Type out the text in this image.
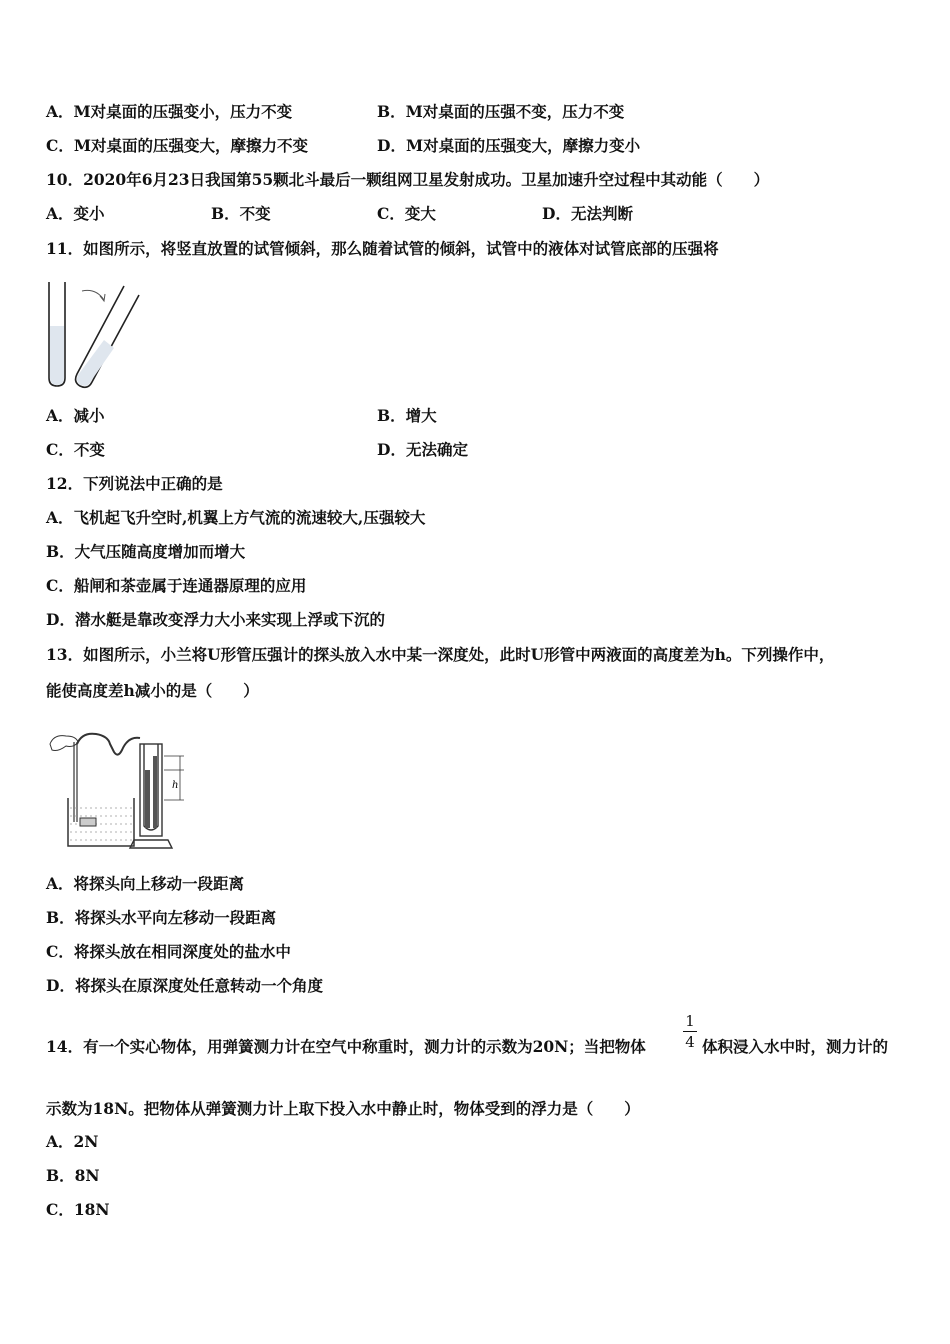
A．M对桌面的压强变小，压力不变	B．M对桌面的压强不变，压力不变
C．M对桌面的压强变大，摩擦力不变	D．M对桌面的压强变大，摩擦力变小
10．2020年6月23日我国第55颗北斗最后一颗组网卫星发射成功。卫星加速升空过程中其动能（　　）
A．变小	B．不变	C．变大	D．无法判断
11．如图所示，将竖直放置的试管倾斜，那么随着试管的倾斜，试管中的液体对试管底部的压强将
A．减小	B．增大
C．不变	D．无法确定
12．下列说法中正确的是
A．飞机起飞升空时,机翼上方气流的流速较大,压强较大
B．大气压随高度增加而增大
C．船闸和茶壶属于连通器原理的应用
D．潜水艇是靠改变浮力大小来实现上浮或下沉的
13．如图所示，小兰将U形管压强计的探头放入水中某一深度处，此时U形管中两液面的高度差为h。下列操作中，
能使高度差h减小的是（　　）
h
A．将探头向上移动一段距离
B．将探头水平向左移动一段距离
C．将探头放在相同深度处的盐水中
D．将探头在原深度处任意转动一个角度
14．有一个实心物体，用弹簧测力计在空气中称重时，测力计的示数为20N；当把物体
1
4 体积浸入水中时，测力计的
示数为18N。把物体从弹簧测力计上取下投入水中静止时，物体受到的浮力是（　　）
A．2N
B．8N
C．18N
